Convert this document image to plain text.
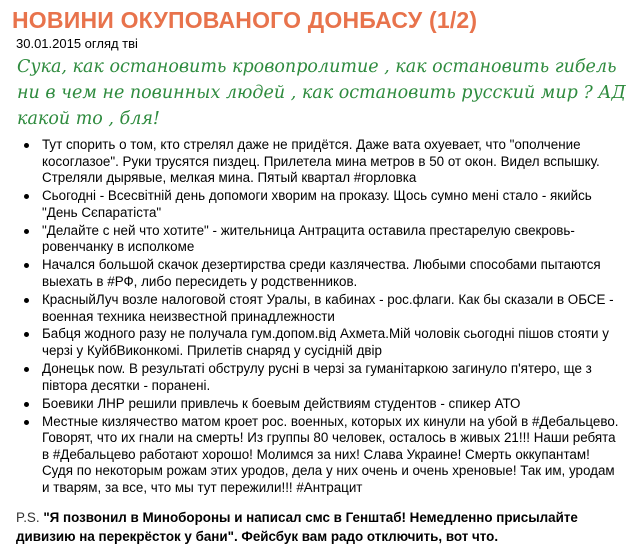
НОВИНИ ОКУПОВАНОГО ДОНБАСУ (1/2)
30.01.2015 огляд тві
Сука, как остановить кровопролитие , как остановить гибель ни в чем не повинных людей , как остановить русский мир ? АД какой то , бля!
Тут спорить о том, кто стрелял даже не придётся. Даже вата охуевает, что "ополчение косоглазое". Руки трусятся пиздец. Прилетела мина метров в 50 от окон. Видел вспышку. Стреляли дырявые, мелкая мина. Пятый квартал #горловка
Сьогодні - Всесвітній день допомоги хворим на проказу. Щось сумно мені стало - якийсь "День Сєпаратіста"
"Делайте с ней что хотите" - жительница Антрацита оставила престарелую свекровь-ровенчанку в исполкоме
Начался большой скачок дезертирства среди казлячества. Любыми способами пытаются выехать в #РФ, либо пересидеть у родственников.
КрасныйЛуч возле налоговой стоят Уралы, в кабинах - рос.флаги. Как бы сказали в ОБСЕ - военная техника неизвестной принадлежности
Бабця жодного разу не получала гум.допом.від Ахмета.Мій чоловік сьогодні пішов стояти у черзі у КуйбВиконкомі. Прилетів снаряд у сусідній двір
Донецьк now. В результаті обструлу русні в черзі за гуманітаркою загинуло п'ятеро, ще з півтора десятки - поранені.
Боевики ЛНР решили привлечь к боевым действиям студентов - спикер АТО
Местные кизлячество матом кроет рос. военных, которых их кинули на убой в #Дебальцево. Говорят, что их гнали на смерть! Из группы 80 человек, осталось в живых 21!!! Наши ребята в #Дебальцево работают хорошо! Молимся за них! Слава Украине! Смерть оккупантам! Судя по некоторым рожам этих уродов, дела у них очень и очень хреновые! Так им, уродам и тварям, за все, что мы тут пережили!!! #Антрацит
P.S. "Я позвонил в Минобороны и написал смс в Генштаб! Немедленно присылайте дивизию на перекрёсток у бани". Фейсбук вам радо отключить, вот что.
